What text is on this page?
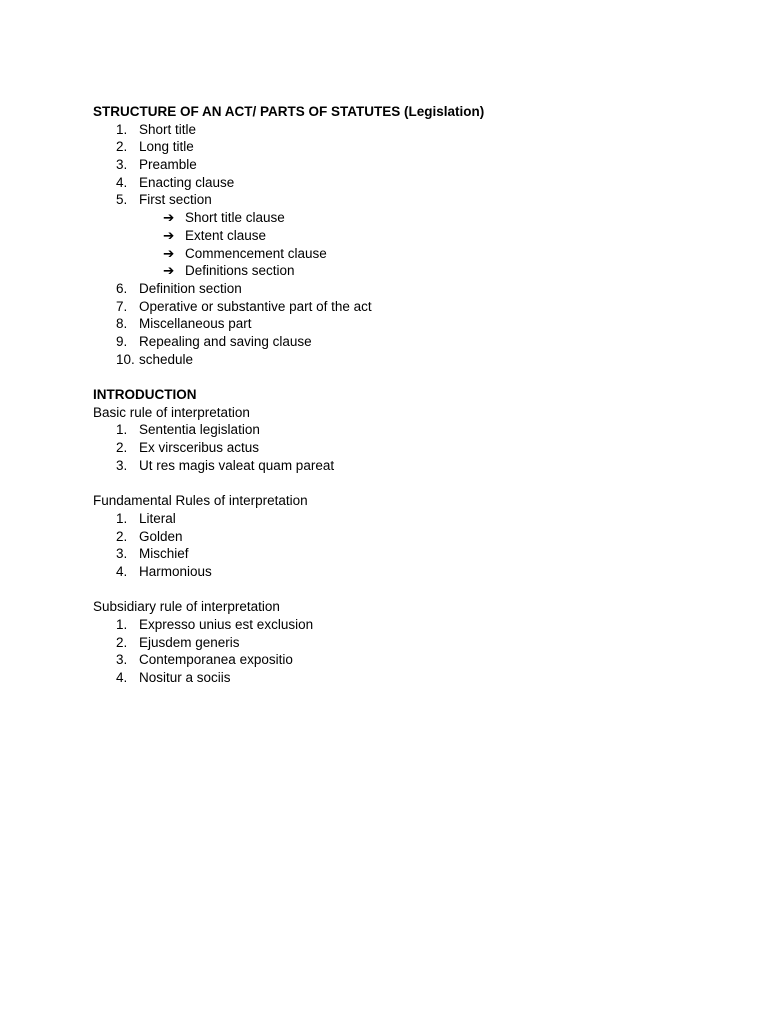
STRUCTURE OF AN ACT/ PARTS OF STATUTES (Legislation)
1. Short title
2. Long title
3. Preamble
4. Enacting clause
5. First section
➔ Short title clause
➔ Extent clause
➔ Commencement clause
➔ Definitions section
6. Definition section
7. Operative or substantive part of the act
8. Miscellaneous part
9. Repealing and saving clause
10. schedule
INTRODUCTION
Basic rule of interpretation
1. Sententia legislation
2. Ex virsceribus actus
3. Ut res magis valeat quam pareat
Fundamental Rules of interpretation
1. Literal
2. Golden
3. Mischief
4. Harmonious
Subsidiary rule of interpretation
1. Expresso unius est exclusion
2. Ejusdem generis
3. Contemporanea expositio
4. Nositur a sociis
